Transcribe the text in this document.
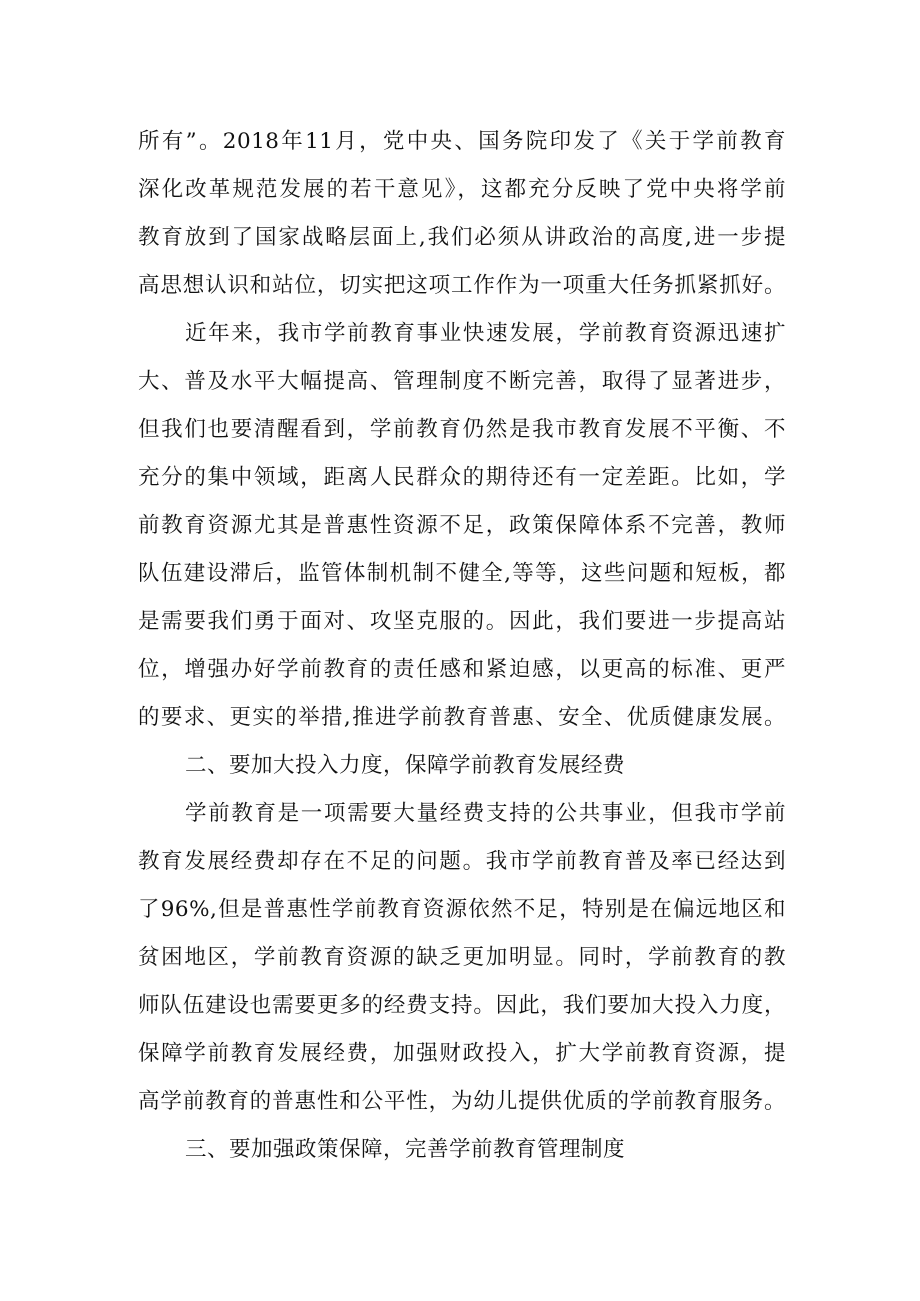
所有”。2018年11月，党中央、国务院印发了《关于学前教育
深化改革规范发展的若干意见》，这都充分反映了党中央将学前
教育放到了国家战略层面上,我们必须从讲政治的高度,进一步提
高思想认识和站位，切实把这项工作作为一项重大任务抓紧抓好。
近年来，我市学前教育事业快速发展，学前教育资源迅速扩
大、普及水平大幅提高、管理制度不断完善，取得了显著进步，
但我们也要清醒看到，学前教育仍然是我市教育发展不平衡、不
充分的集中领域，距离人民群众的期待还有一定差距。比如，学
前教育资源尤其是普惠性资源不足，政策保障体系不完善，教师
队伍建设滞后，监管体制机制不健全,等等，这些问题和短板，都
是需要我们勇于面对、攻坚克服的。因此，我们要进一步提高站
位，增强办好学前教育的责任感和紧迫感，以更高的标准、更严
的要求、更实的举措,推进学前教育普惠、安全、优质健康发展。
二、要加大投入力度，保障学前教育发展经费
学前教育是一项需要大量经费支持的公共事业，但我市学前
教育发展经费却存在不足的问题。我市学前教育普及率已经达到
了96%,但是普惠性学前教育资源依然不足，特别是在偏远地区和
贫困地区，学前教育资源的缺乏更加明显。同时，学前教育的教
师队伍建设也需要更多的经费支持。因此，我们要加大投入力度，
保障学前教育发展经费，加强财政投入，扩大学前教育资源，提
高学前教育的普惠性和公平性，为幼儿提供优质的学前教育服务。
三、要加强政策保障，完善学前教育管理制度
